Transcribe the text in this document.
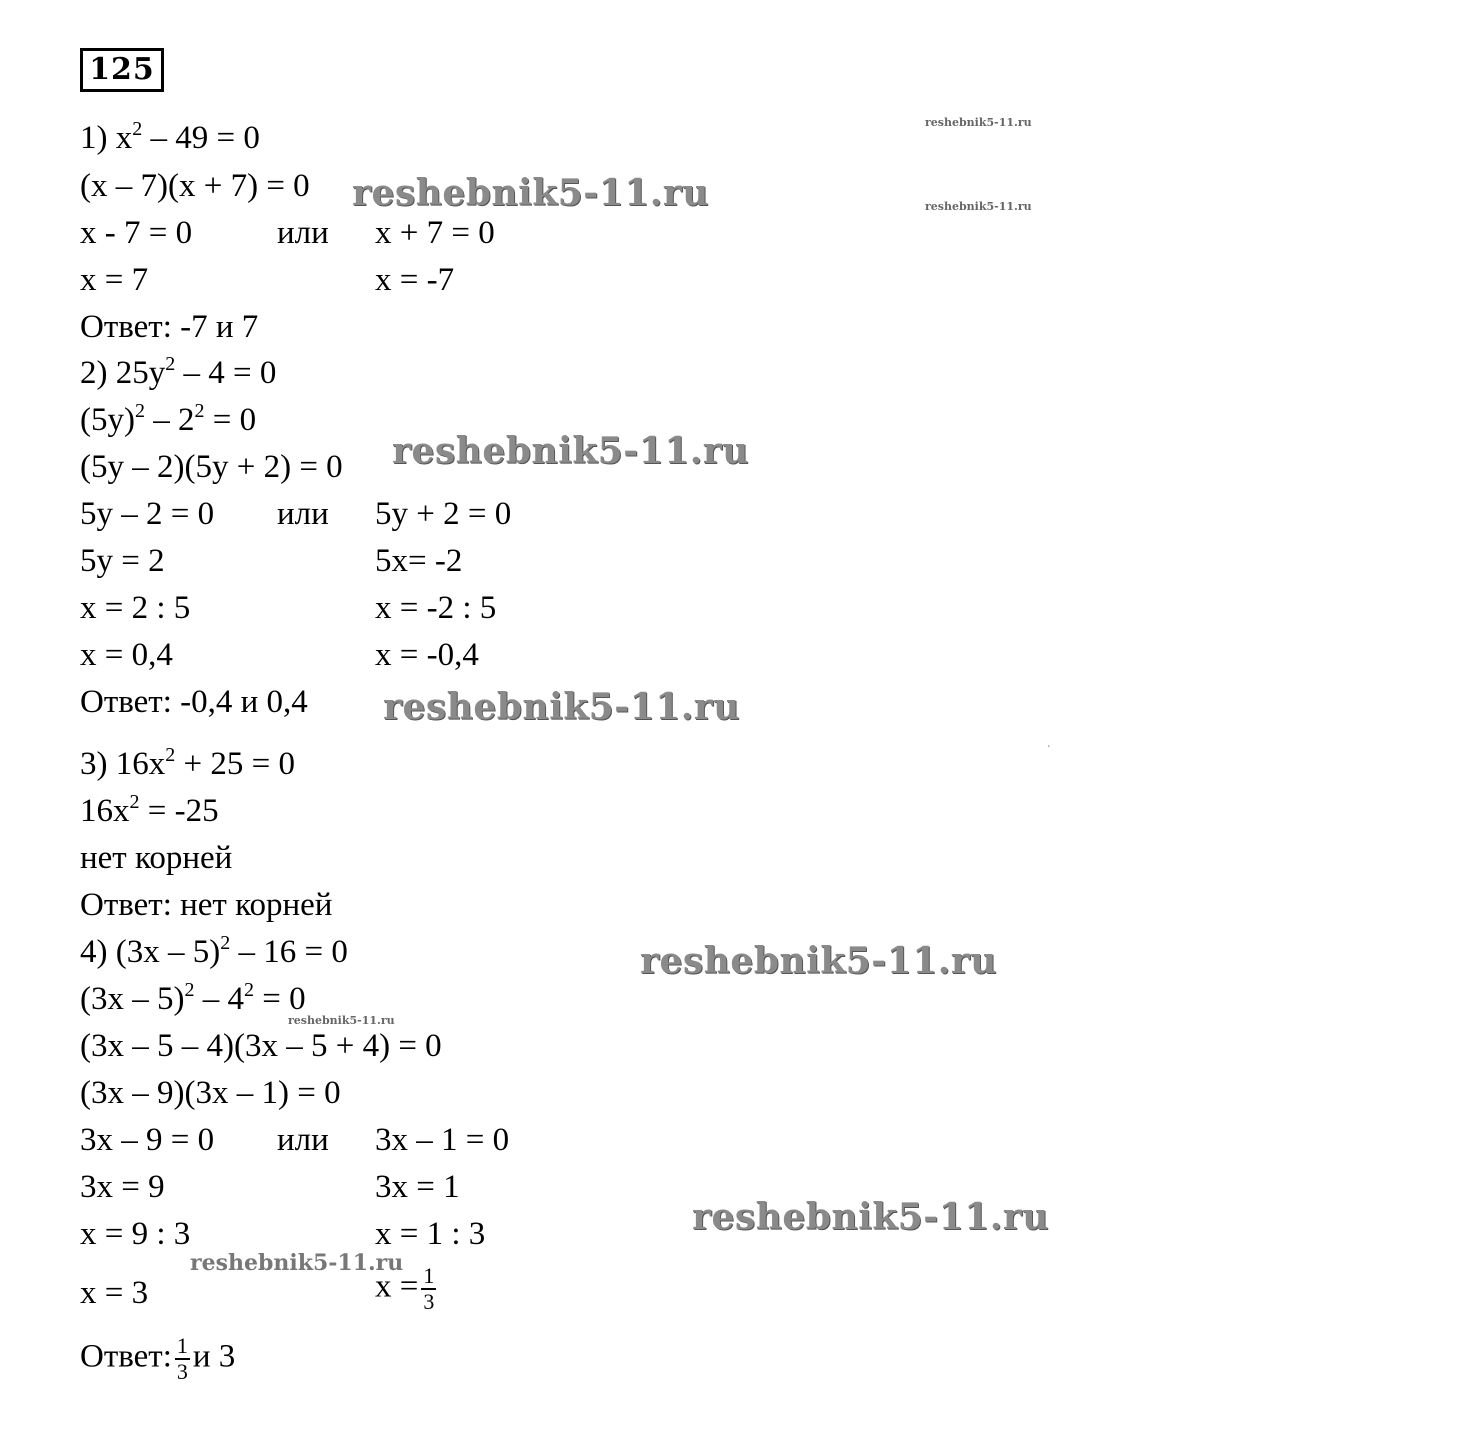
125
1) $x^2 - 49 = 0$
(x – 7)(x + 7) = 0
x - 7 = 0	или x + 7 = 0
x = 7	x = -7
Ответ: -7 и 7
2) $25y^2 - 4 = 0$
$(5y)^2 - 2^2 = 0$
(5y – 2)(5y + 2) = 0
5y – 2 = 0 или 5y + 2 = 0
5y = 2	5x= -2
x = 2 : 5	x = -2 : 5
x = 0,4	x = -0,4
Ответ: -0,4 и 0,4
3) $16x^2 + 25 = 0$
$16x^2 = -25$
нет корней
Ответ: нет корней
4) (3x – 5)$^2$ – 16 = 0
$(3x - 5)^2 - 4^2 = 0$
(3x – 5 – 4)(3x – 5 + 4) = 0
(3x – 9)(3x – 1) = 0
3x – 9 = 0 или 3x – 1 = 0
3x = 9	3x = 1
x = 9 : 3	x = 1 : 3
x = 3	$x = \frac{1}{3}$
Ответ: $\frac{1}{3}$ и 3
reshebnik5-11.ru
reshebnik5-11.ru
reshebnik5-11.ru
reshebnik5-11.ru
reshebnik5-11.ru
reshebnik5-11.ru
reshebnik5-11.ru
reshebnik5-11.ru
reshebnik5-11.ru
'
